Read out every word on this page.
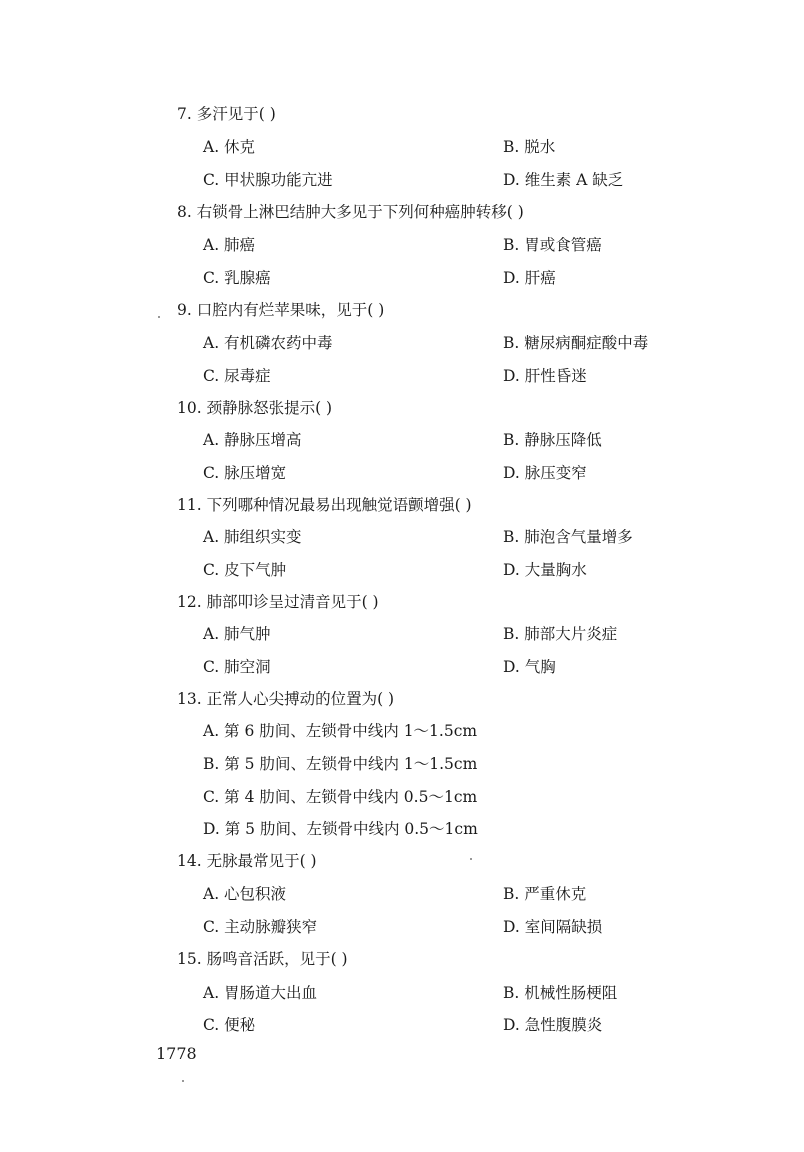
7. 多汗见于( )
A. 休克	B. 脱水
C. 甲状腺功能亢进	D. 维生素 A 缺乏
8. 右锁骨上淋巴结肿大多见于下列何种癌肿转移( )
A. 肺癌	B. 胃或食管癌
C. 乳腺癌	D. 肝癌
9. 口腔内有烂苹果味，见于( )
A. 有机磷农药中毒	B. 糖尿病酮症酸中毒
C. 尿毒症	D. 肝性昏迷
10. 颈静脉怒张提示( )
A. 静脉压增高	B. 静脉压降低
C. 脉压增宽	D. 脉压变窄
11. 下列哪种情况最易出现触觉语颤增强( )
A. 肺组织实变	B. 肺泡含气量增多
C. 皮下气肿	D. 大量胸水
12. 肺部叩诊呈过清音见于( )
A. 肺气肿	B. 肺部大片炎症
C. 肺空洞	D. 气胸
13. 正常人心尖搏动的位置为( )
A. 第 6 肋间、左锁骨中线内 1～1.5cm
B. 第 5 肋间、左锁骨中线内 1～1.5cm
C. 第 4 肋间、左锁骨中线内 0.5～1cm
D. 第 5 肋间、左锁骨中线内 0.5～1cm
14. 无脉最常见于( )
A. 心包积液	B. 严重休克
C. 主动脉瓣狭窄	D. 室间隔缺损
15. 肠鸣音活跃，见于( )
A. 胃肠道大出血	B. 机械性肠梗阻
C. 便秘	D. 急性腹膜炎
1778
